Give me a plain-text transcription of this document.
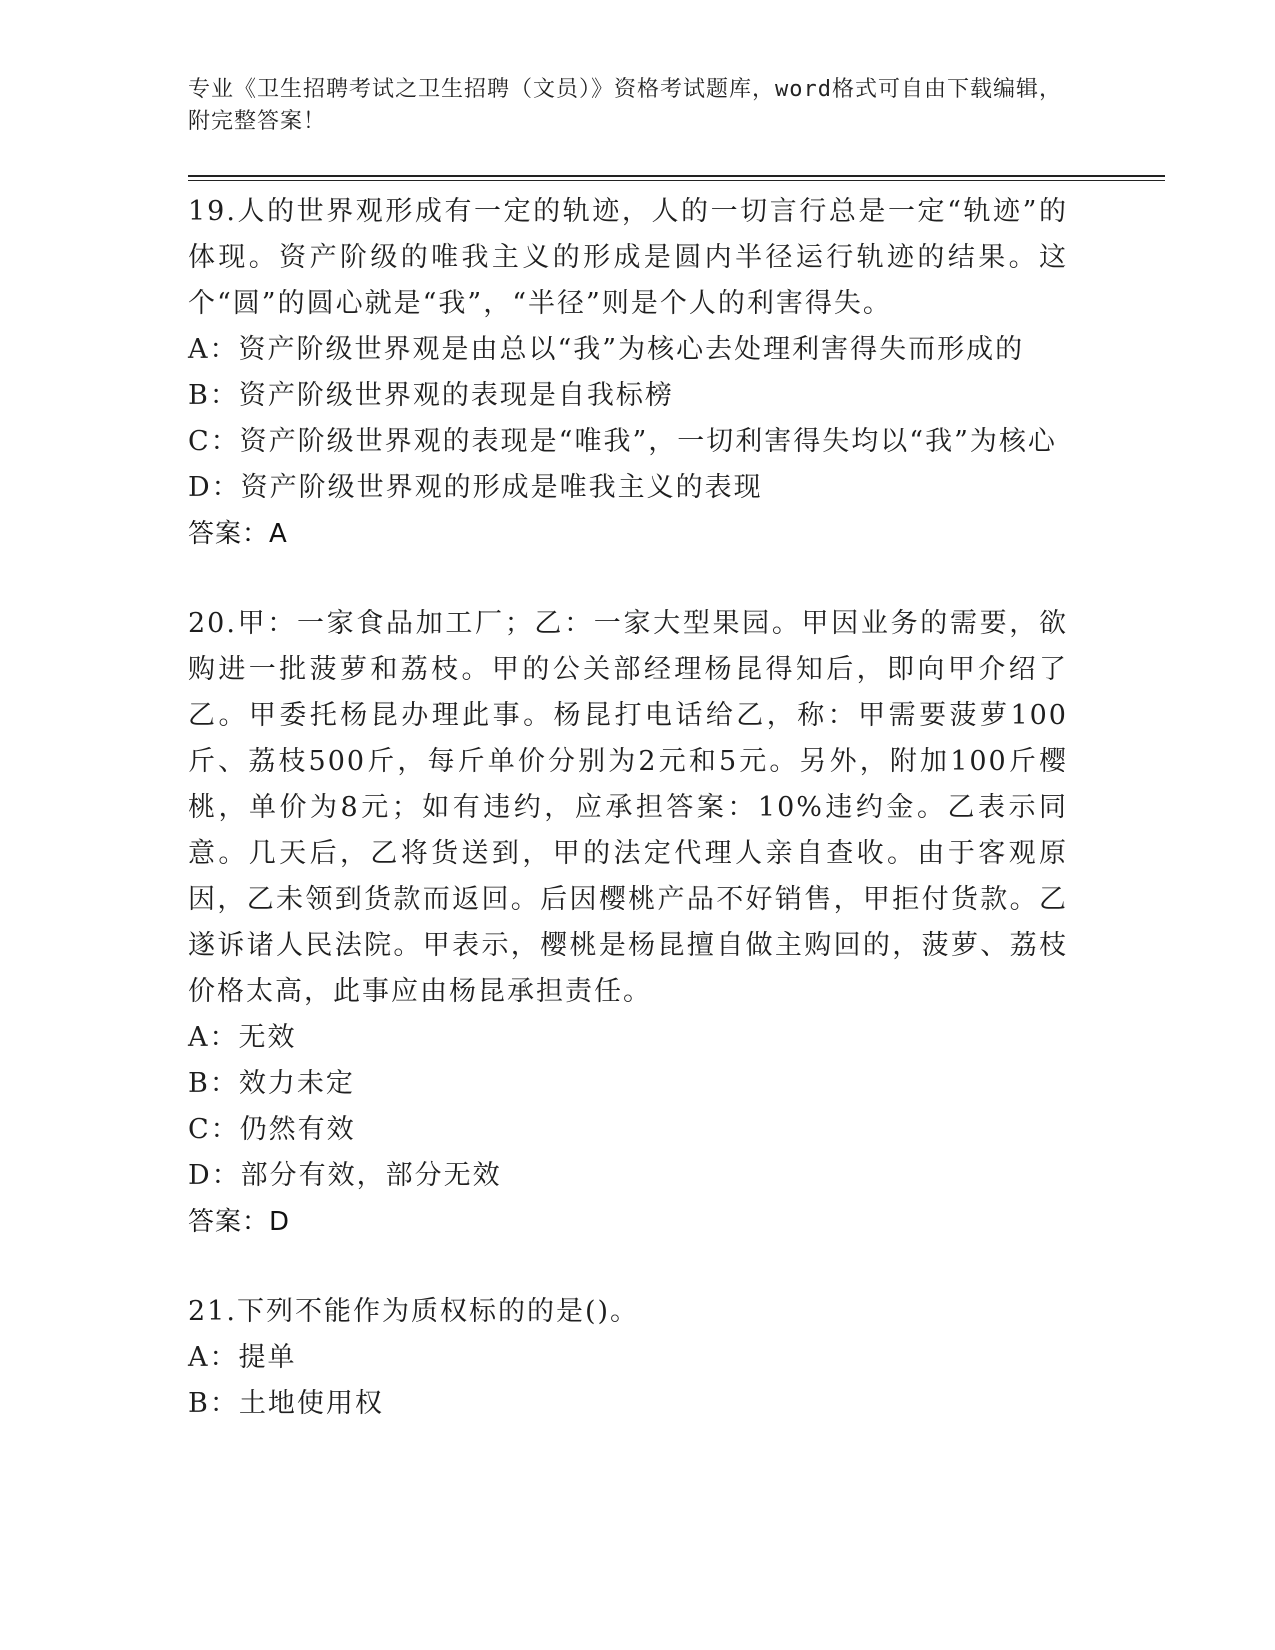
专业《卫生招聘考试之卫生招聘（文员）》资格考试题库，word格式可自由下载编辑，附完整答案！

19.人的世界观形成有一定的轨迹，人的一切言行总是一定“轨迹”的体现。资产阶级的唯我主义的形成是圆内半径运行轨迹的结果。这个“圆”的圆心就是“我”，“半径”则是个人的利害得失。

A：资产阶级世界观是由总以“我”为核心去处理利害得失而形成的

B：资产阶级世界观的表现是自我标榜

C：资产阶级世界观的表现是“唯我”，一切利害得失均以“我”为核心

D：资产阶级世界观的形成是唯我主义的表现

答案：A

20.甲：一家食品加工厂；乙：一家大型果园。甲因业务的需要，欲购进一批菠萝和荔枝。甲的公关部经理杨昆得知后，即向甲介绍了乙。甲委托杨昆办理此事。杨昆打电话给乙，称：甲需要菠萝100斤、荔枝500斤，每斤单价分别为2元和5元。另外，附加100斤樱桃，单价为8元；如有违约，应承担答案：10%违约金。乙表示同意。几天后，乙将货送到，甲的法定代理人亲自查收。由于客观原因，乙未领到货款而返回。后因樱桃产品不好销售，甲拒付货款。乙遂诉诸人民法院。甲表示，樱桃是杨昆擅自做主购回的，菠萝、荔枝价格太高，此事应由杨昆承担责任。

A：无效

B：效力未定

C：仍然有效

D：部分有效，部分无效

答案：D

21.下列不能作为质权标的的是()。

A：提单

B：土地使用权
